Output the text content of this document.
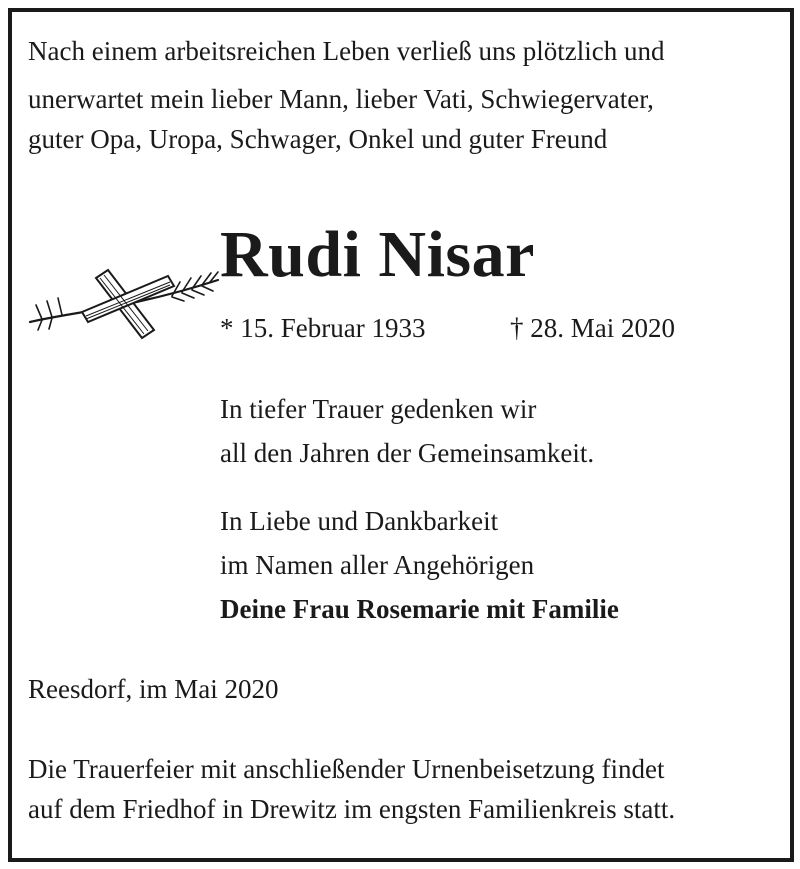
Nach einem arbeitsreichen Leben verließ uns plötzlich und
unerwartet mein lieber Mann, lieber Vati, Schwiegervater,
guter Opa, Uropa, Schwager, Onkel und guter Freund
Rudi Nisar
* 15. Februar 1933	† 28. Mai 2020
In tiefer Trauer gedenken wir
all den Jahren der Gemeinsamkeit.
In Liebe und Dankbarkeit
im Namen aller Angehörigen
Deine Frau Rosemarie mit Familie
Reesdorf, im Mai 2020
Die Trauerfeier mit anschließender Urnenbeisetzung findet
auf dem Friedhof in Drewitz im engsten Familienkreis statt.
